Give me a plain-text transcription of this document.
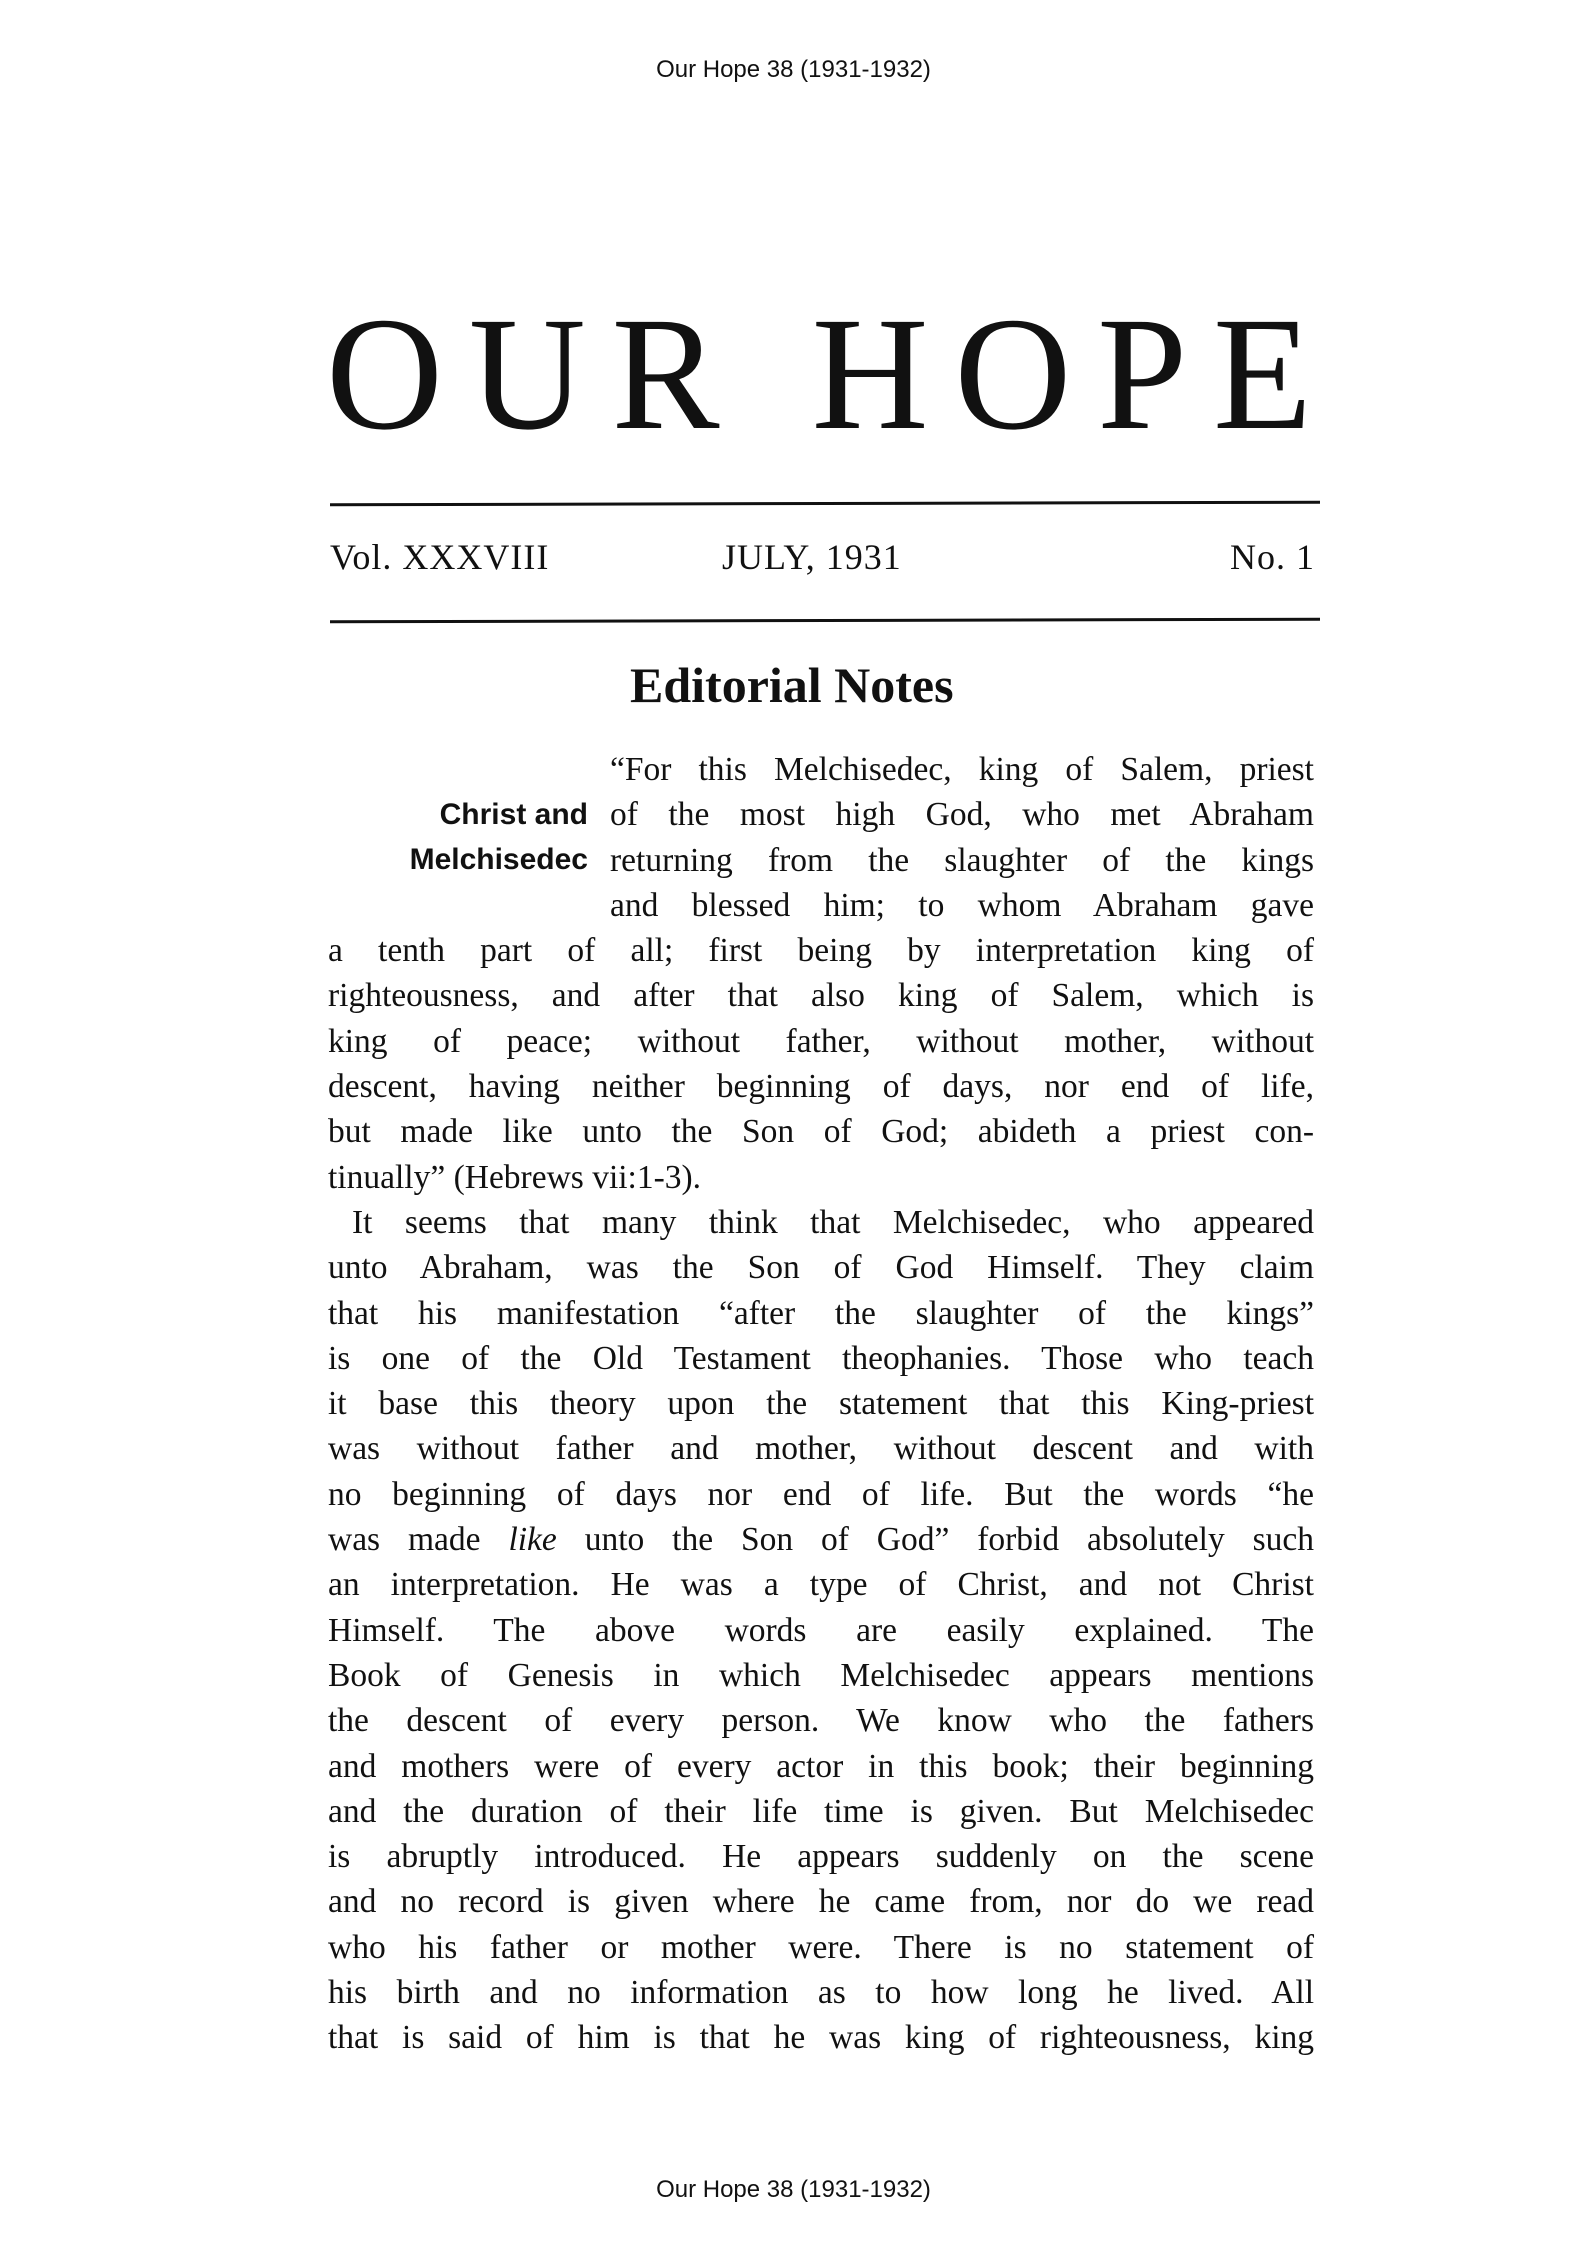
Our Hope 38 (1931-1932)
O U R
H O P E
Vol. XXXVIII	JULY, 1931	No. 1
Editorial Notes
Christ and
Melchisedec
“For this Melchisedec, king of Salem, priest
of the most high God, who met Abraham
returning from the slaughter of the kings
and blessed him; to whom Abraham gave
a tenth part of all; first being by interpretation king of
righteousness, and after that also king of Salem, which is
king of peace; without father, without mother, without
descent, having neither beginning of days, nor end of life,
but made like unto the Son of God; abideth a priest con-
tinually” (Hebrews vii:1-3).
It seems that many think that Melchisedec, who appeared
unto Abraham, was the Son of God Himself. They claim
that his manifestation “after the slaughter of the kings”
is one of the Old Testament theophanies. Those who teach
it base this theory upon the statement that this King-priest
was without father and mother, without descent and with
no beginning of days nor end of life. But the words “he
was made like unto the Son of God” forbid absolutely such
an interpretation. He was a type of Christ, and not Christ
Himself. The above words are easily explained. The
Book of Genesis in which Melchisedec appears mentions
the descent of every person. We know who the fathers
and mothers were of every actor in this book; their beginning
and the duration of their life time is given. But Melchisedec
is abruptly introduced. He appears suddenly on the scene
and no record is given where he came from, nor do we read
who his father or mother were. There is no statement of
his birth and no information as to how long he lived. All
that is said of him is that he was king of righteousness, king
Our Hope 38 (1931-1932)
